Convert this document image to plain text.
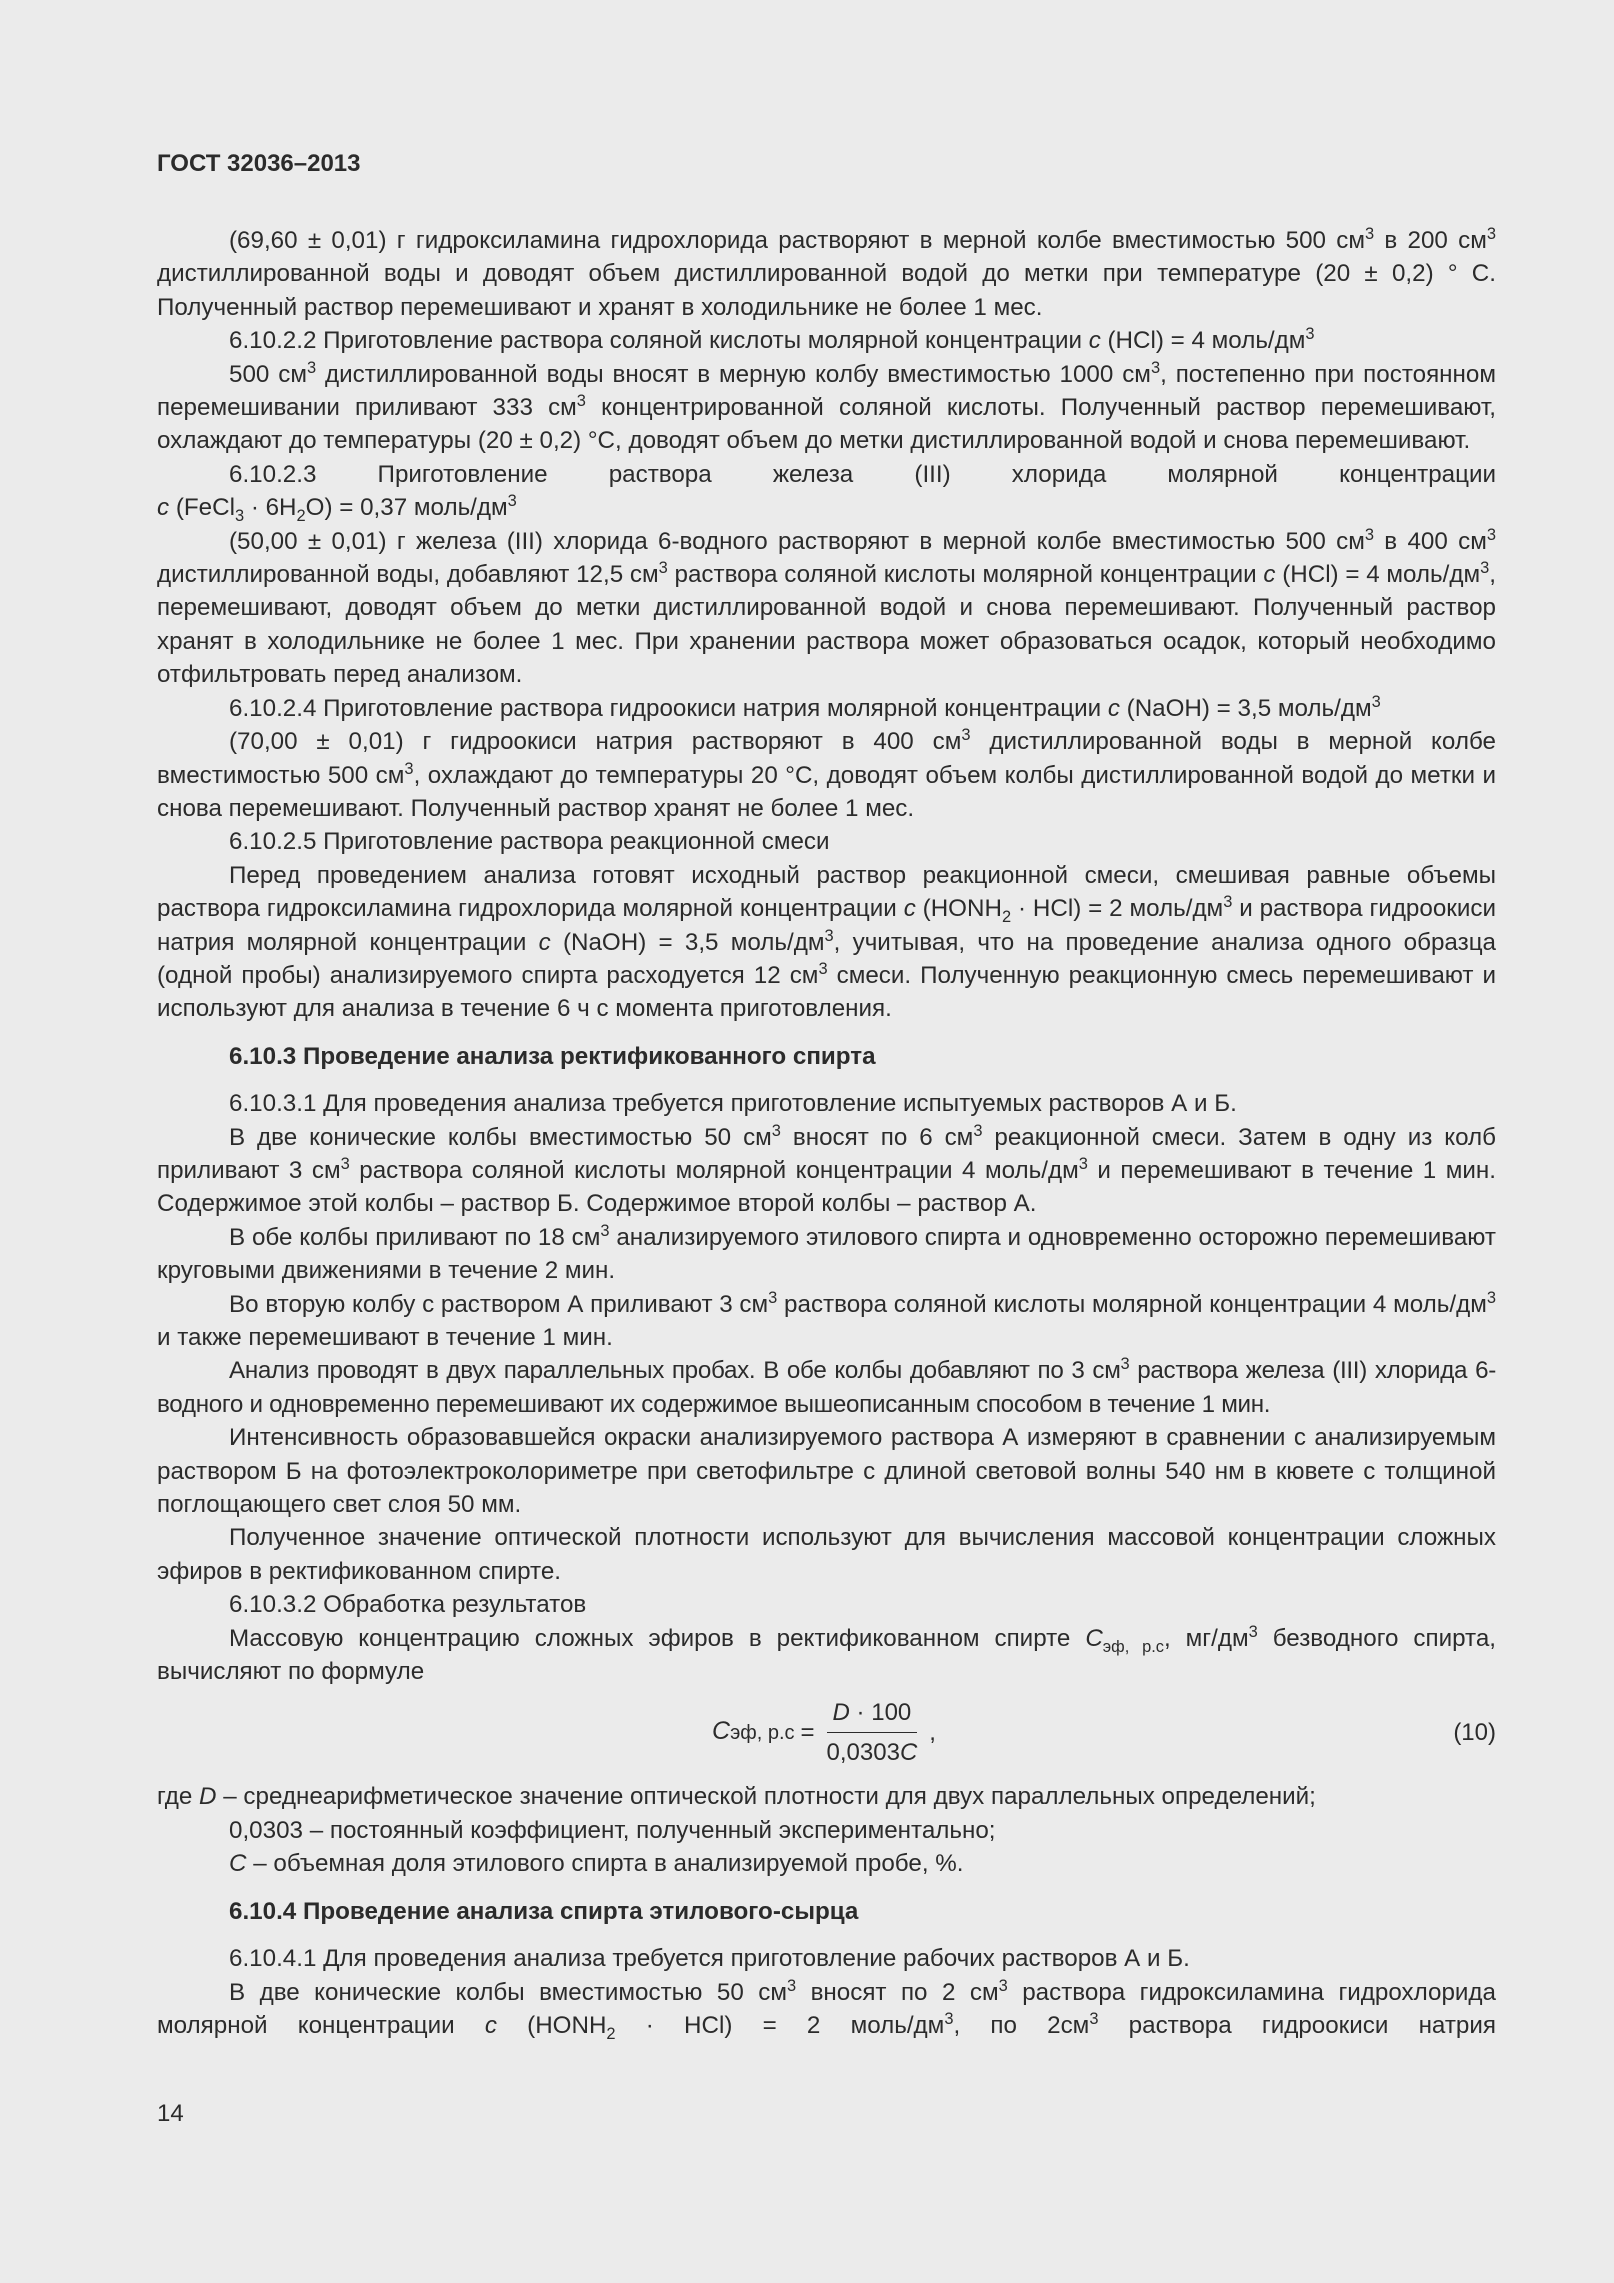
ГОСТ 32036–2013

(69,60 ± 0,01) г гидроксиламина гидрохлорида растворяют в мерной колбе вместимостью 500 $см^3$ в 200 $см^3$ дистиллированной воды и доводят объем дистиллированной водой до метки при температуре (20 ± 0,2) ° С. Полученный раствор перемешивают и хранят в холодильнике не более 1 мес.

6.10.2.2 Приготовление раствора соляной кислоты молярной концентрации c (HCl) = 4 моль/$дм^3$

500 $см^3$ дистиллированной воды вносят в мерную колбу вместимостью 1000 $см^3$, постепенно при постоянном перемешивании приливают 333 $см^3$ концентрированной соляной кислоты. Полученный раствор перемешивают, охлаждают до температуры (20 ± 0,2) °С, доводят объем до метки дистиллированной водой и снова перемешивают.

6.10.2.3 Приготовление раствора железа (III) хлорида молярной концентрации

c (FeCl$_3$ · $6H_2O) = 0,37$ моль/$дм^3$

(50,00 ± 0,01) г железа (III) хлорида 6-водного растворяют в мерной колбе вместимостью 500 $см^3$ в 400 $см^3$ дистиллированной воды, добавляют 12,5 $см^3$ раствора соляной кислоты молярной концентрации c (HCl) = 4 моль/$дм^3$, перемешивают, доводят объем до метки дистиллированной водой и снова перемешивают. Полученный раствор хранят в холодильнике не более 1 мес. При хранении раствора может образоваться осадок, который необходимо отфильтровать перед анализом.

6.10.2.4 Приготовление раствора гидроокиси натрия молярной концентрации c (NaOH) = 3,5 моль/$дм^3$

(70,00 ± 0,01) г гидроокиси натрия растворяют в 400 $см^3$ дистиллированной воды в мерной колбе вместимостью 500 $см^3$, охлаждают до температуры 20 °С, доводят объем колбы дистиллированной водой до метки и снова перемешивают. Полученный раствор хранят не более 1 мес.

6.10.2.5 Приготовление раствора реакционной смеси

Перед проведением анализа готовят исходный раствор реакционной смеси, смешивая равные объемы раствора гидроксиламина гидрохлорида молярной концентрации c $(HONH_2 \cdot HCl) = 2$ моль/$дм^3$ и раствора гидроокиси натрия молярной концентрации c (NaOH) = 3,5 моль/$дм^3$, учитывая, что на проведение анализа одного образца (одной пробы) анализируемого спирта расходуется 12 $см^3$ смеси. Полученную реакционную смесь перемешивают и используют для анализа в течение 6 ч с момента приготовления.

6.10.3 Проведение анализа ректификованного спирта

6.10.3.1 Для проведения анализа требуется приготовление испытуемых растворов А и Б.

В две конические колбы вместимостью 50 $см^3$ вносят по 6 $см^3$ реакционной смеси. Затем в одну из колб приливают 3 $см^3$ раствора соляной кислоты молярной концентрации 4 моль/$дм^3$ и перемешивают в течение 1 мин. Содержимое этой колбы – раствор Б. Содержимое второй колбы – раствор А.

В обе колбы приливают по 18 $см^3$ анализируемого этилового спирта и одновременно осторожно перемешивают круговыми движениями в течение 2 мин.

Во вторую колбу с раствором А приливают 3 $см^3$ раствора соляной кислоты молярной концентрации 4 моль/$дм^3$ и также перемешивают в течение 1 мин.

Анализ проводят в двух параллельных пробах. В обе колбы добавляют по 3 $см^3$ раствора железа (III) хлорида 6-водного и одновременно перемешивают их содержимое вышеописанным способом в течение 1 мин.

Интенсивность образовавшейся окраски анализируемого раствора А измеряют в сравнении с анализируемым раствором Б на фотоэлектроколориметре при светофильтре с длиной световой волны 540 нм в кювете с толщиной поглощающего свет слоя 50 мм.

Полученное значение оптической плотности используют для вычисления массовой концентрации сложных эфиров в ректификованном спирте.

6.10.3.2 Обработка результатов

Массовую концентрацию сложных эфиров в ректификованном спирте $C_{эф, р.с}$, $мг/дм^3$ безводного спирта, вычисляют по формуле

Cэф, $р.с = \frac{D \cdot 100}{0,0303C}$ ,	(10)

где D – среднеарифметическое значение оптической плотности для двух параллельных определений;

0,0303 – постоянный коэффициент, полученный экспериментально;

C – объемная доля этилового спирта в анализируемой пробе, %.

6.10.4 Проведение анализа спирта этилового-сырца

6.10.4.1 Для проведения анализа требуется приготовление рабочих растворов А и Б.

В две конические колбы вместимостью 50 $см^3$ вносят по 2 $см^3$ раствора гидроксиламина гидрохлорида молярной концентрации c $(HONH_2 \cdot HCl) = 2$ моль/$дм^3$, по $2см^3$ раствора гидроокиси натрия

14
